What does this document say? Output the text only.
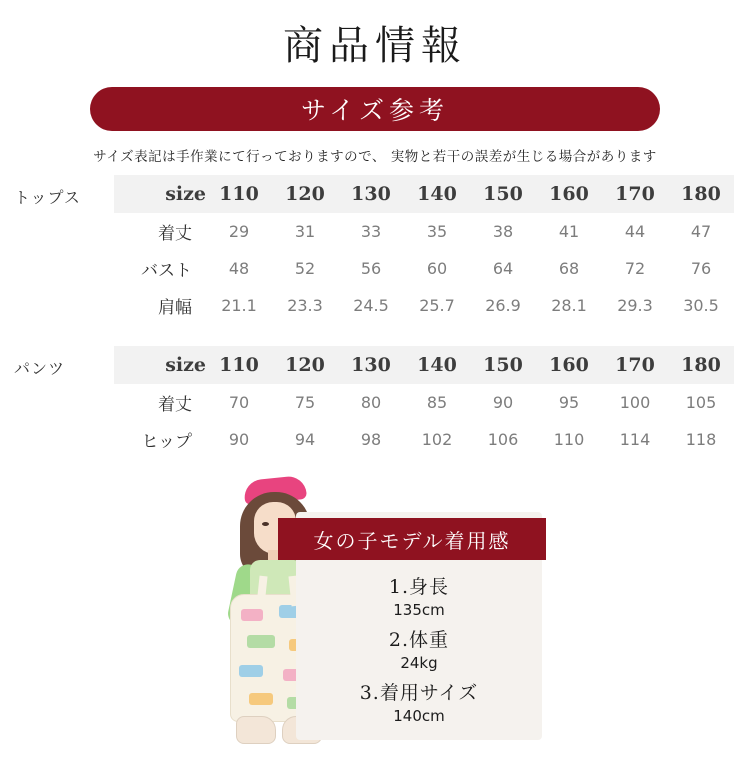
商品情報
サイズ参考
サイズ表記は手作業にて行っておりますので、 実物と若干の誤差が生じる場合があります
トップス	size	110	120	130	140	150	160	170	180
着丈	29	31	33	35	38	41	44	47
バスト	48	52	56	60	64	68	72	76
肩幅	21.1	23.3	24.5	25.7	26.9	28.1	29.3	30.5
パンツ	size	110	120	130	140	150	160	170	180
着丈	70	75	80	85	90	95	100	105
ヒップ	90	94	98	102	106	110	114	118
女の子モデル着用感
1.身長
135cm
2.体重
24kg
3.着用サイズ
140cm
